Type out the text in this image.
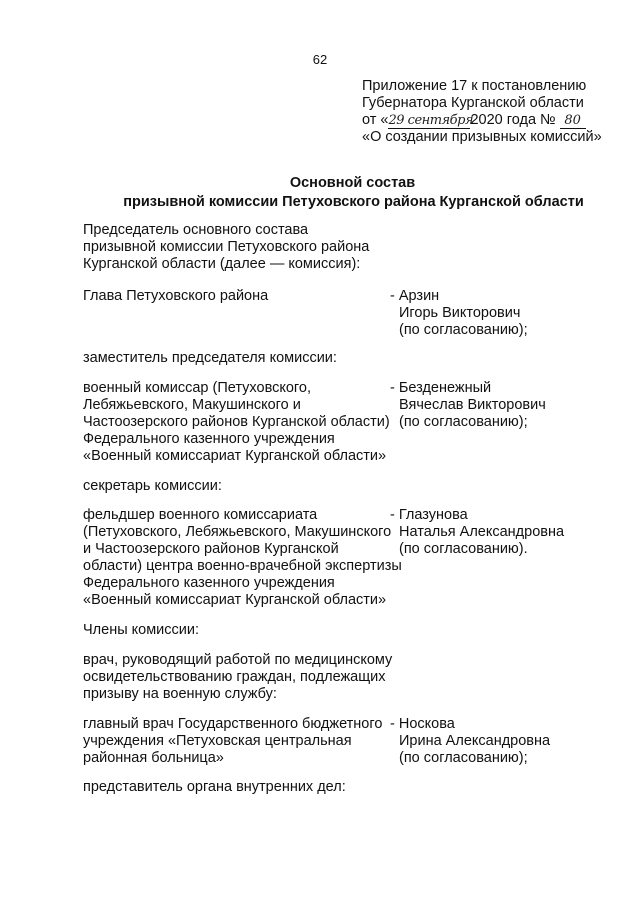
62
Приложение 17 к постановлению
Губернатора Курганской области
от «29 сентября2020 года № 80
«О создании призывных комиссий»
Основной состав
призывной комиссии Петуховского района Курганской области
Председатель основного состава
призывной комиссии Петуховского района
Курганской области (далее — комиссия):
Глава Петуховского района	- Арзин
Игорь Викторович
(по согласованию);
заместитель председателя комиссии:
военный комиссар (Петуховского,
Лебяжьевского, Макушинского и
Частоозерского районов Курганской области)
Федерального казенного учреждения
«Военный комиссариат Курганской области»
- Безденежный
Вячеслав Викторович
(по согласованию);
секретарь комиссии:
фельдшер военного комиссариата
(Петуховского, Лебяжьевского, Макушинского
и Частоозерского районов Курганской
области) центра военно-врачебной экспертизы
Федерального казенного учреждения
«Военный комиссариат Курганской области»
- Глазунова
Наталья Александровна
(по согласованию).
Члены комиссии:
врач, руководящий работой по медицинскому
освидетельствованию граждан, подлежащих
призыву на военную службу:
главный врач Государственного бюджетного
учреждения «Петуховская центральная
районная больница»
- Носкова
Ирина Александровна
(по согласованию);
представитель органа внутренних дел:
